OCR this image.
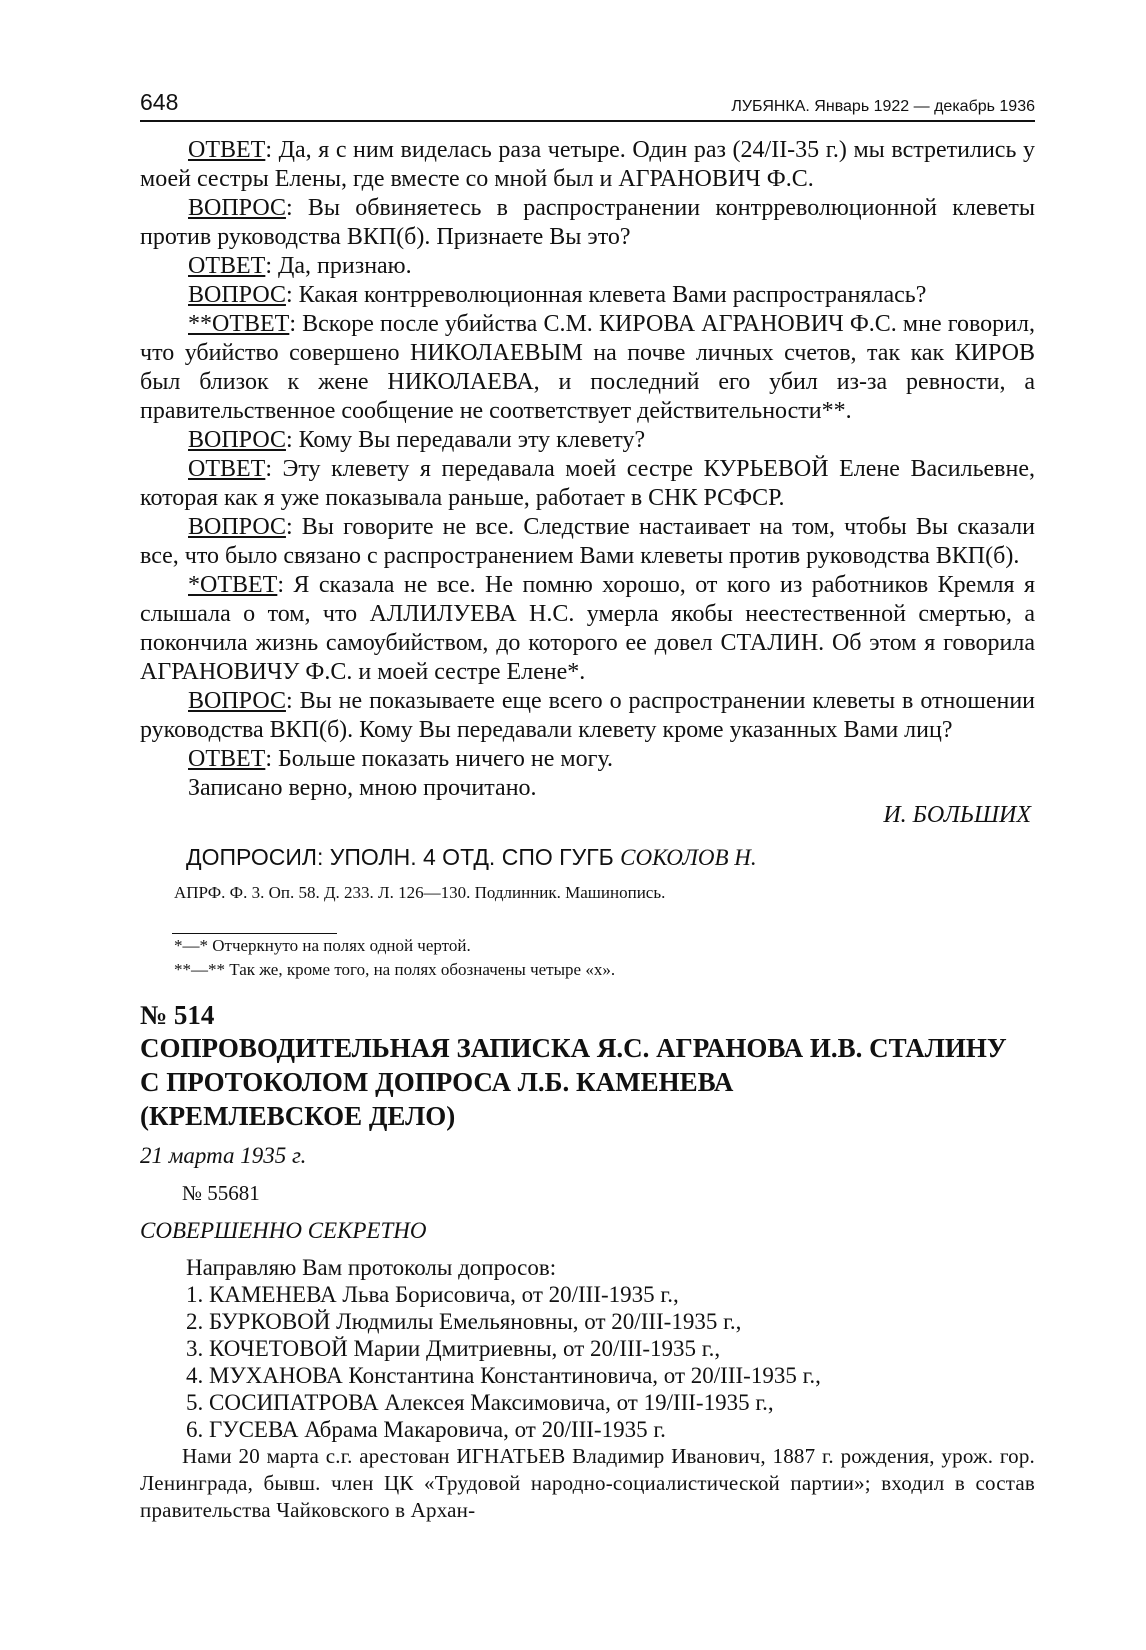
648	ЛУБЯНКА. Январь 1922 — декабрь 1936
ОТВЕТ: Да, я с ним виделась раза четыре. Один раз (24/II-35 г.) мы встретились у моей сестры Елены, где вместе со мной был и АГРАНОВИЧ Ф.С.
ВОПРОС: Вы обвиняетесь в распространении контрреволюционной клеветы против руководства ВКП(б). Признаете Вы это?
ОТВЕТ: Да, признаю.
ВОПРОС: Какая контрреволюционная клевета Вами распространялась?
**ОТВЕТ: Вскоре после убийства С.М. КИРОВА АГРАНОВИЧ Ф.С. мне говорил, что убийство совершено НИКОЛАЕВЫМ на почве личных счетов, так как КИРОВ был близок к жене НИКОЛАЕВА, и последний его убил из-за ревности, а правительственное сообщение не соответствует действительности**.
ВОПРОС: Кому Вы передавали эту клевету?
ОТВЕТ: Эту клевету я передавала моей сестре КУРЬЕВОЙ Елене Васильевне, которая как я уже показывала раньше, работает в СНК РСФСР.
ВОПРОС: Вы говорите не все. Следствие настаивает на том, чтобы Вы сказали все, что было связано с распространением Вами клеветы против руководства ВКП(б).
*ОТВЕТ: Я сказала не все. Не помню хорошо, от кого из работников Кремля я слышала о том, что АЛЛИЛУЕВА Н.С. умерла якобы неестественной смертью, а покончила жизнь самоубийством, до которого ее довел СТАЛИН. Об этом я говорила АГРАНОВИЧУ Ф.С. и моей сестре Елене*.
ВОПРОС: Вы не показываете еще всего о распространении клеветы в отношении руководства ВКП(б). Кому Вы передавали клевету кроме указанных Вами лиц?
ОТВЕТ: Больше показать ничего не могу.
Записано верно, мною прочитано.
И. БОЛЬШИХ
ДОПРОСИЛ: УПОЛН. 4 ОТД. СПО ГУГБ СОКОЛОВ Н.
АПРФ. Ф. 3. Оп. 58. Д. 233. Л. 126—130. Подлинник. Машинопись.
*—* Отчеркнуто на полях одной чертой.
**—** Так же, кроме того, на полях обозначены четыре «х».
№ 514
СОПРОВОДИТЕЛЬНАЯ ЗАПИСКА Я.С. АГРАНОВА И.В. СТАЛИНУ
С ПРОТОКОЛОМ ДОПРОСА Л.Б. КАМЕНЕВА
(КРЕМЛЕВСКОЕ ДЕЛО)
21 марта 1935 г.
№ 55681
СОВЕРШЕННО СЕКРЕТНО
Направляю Вам протоколы допросов:
1. КАМЕНЕВА Льва Борисовича, от 20/III-1935 г.,
2. БУРКОВОЙ Людмилы Емельяновны, от 20/III-1935 г.,
3. КОЧЕТОВОЙ Марии Дмитриевны, от 20/III-1935 г.,
4. МУХАНОВА Константина Константиновича, от 20/III-1935 г.,
5. СОСИПАТРОВА Алексея Максимовича, от 19/III-1935 г.,
6. ГУСЕВА Абрама Макаровича, от 20/III-1935 г.
Нами 20 марта с.г. арестован ИГНАТЬЕВ Владимир Иванович, 1887 г. рождения, урож. гор. Ленинграда, бывш. член ЦК «Трудовой народно-социалистической партии»; входил в состав правительства Чайковского в Архан-
